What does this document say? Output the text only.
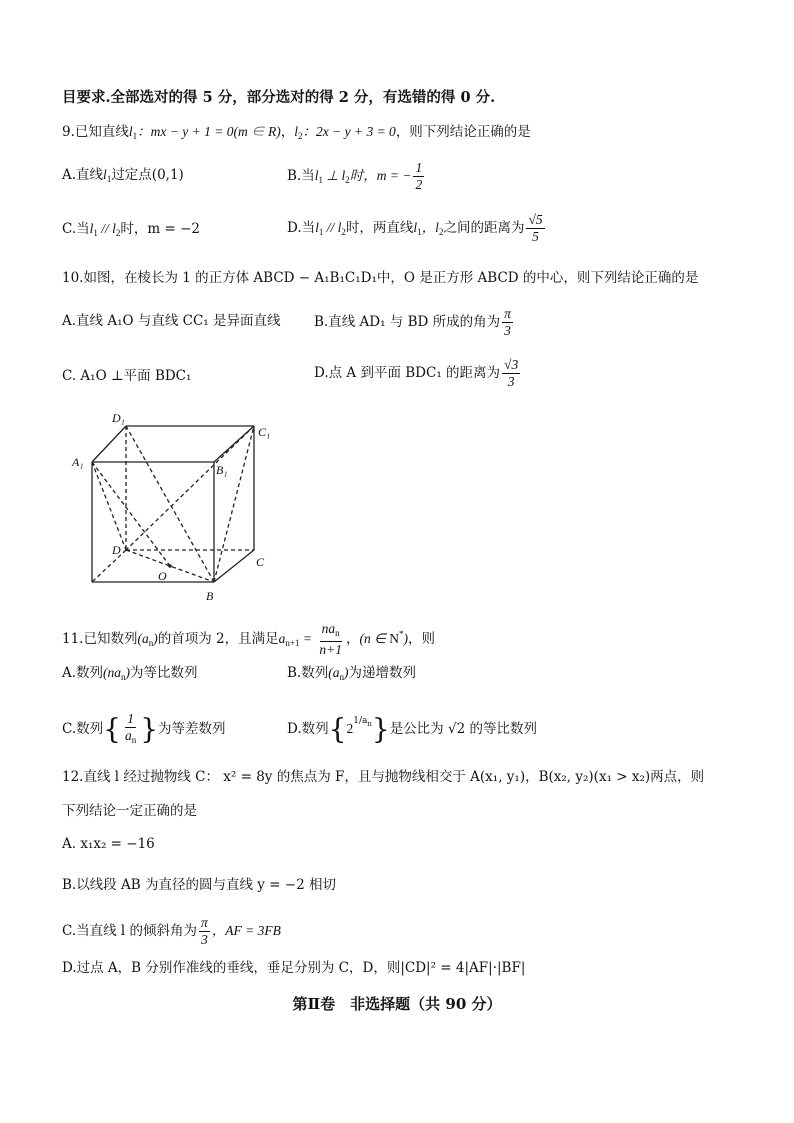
目要求.全部选对的得 5 分，部分选对的得 2 分，有选错的得 0 分.
9.已知直线$l_1$：mx − y + 1 = 0(m ∈ R)，$l_2$：2x − y + 3 = 0，则下列结论正确的是
A.直线$l_1$过定点(0,1)	B.当$l_1$ ⊥ $l_2$时，m = − $\frac{1}{2}$
C.当$l_1 // l_2$时，m = −2	D.当$l_1 // l_2$时，两直线$l_1$，$l_2$之间的距离为 $\frac{√5}{5}$
10.如图，在棱长为 1 的正方体 ABCD − A₁B₁C₁D₁中，O 是正方形 ABCD 的中心，则下列结论正确的是
A.直线 A₁O 与直线 CC₁ 是异面直线 B.直线 AD₁ 与 BD 所成的角为 $\frac{\pi}{3}$
C. A₁O ⊥平面 BDC₁	D.点 A 到平面 BDC₁ 的距离为 $\frac{√3}{3}$
D₁
C₁
A₁
B₁
D
C
O
B
11.已知数列$(a_n)$的首项为 2，且满足$a_{n+1} = \frac{na_n}{n+1}$ ，(n ∈ N*)，则
A.数列$(na_n)$为等比数列	B.数列$(a_n)$为递增数列
C.数列{ $\frac{1}{a_n}$ }为等差数列	D.数列$\{2^{1/a_n}\}$是公比为 √2 的等比数列
12.直线 l 经过抛物线 C： x² = 8y 的焦点为 F，且与抛物线相交于 A(x₁, y₁)，B(x₂, y₂)(x₁ > x₂)两点，则
下列结论一定正确的是
A. x₁x₂ = −16
B.以线段 AB 为直径的圆与直线 y = −2 相切
C.当直线 l 的倾斜角为 $\frac{\pi}{3}$ ，AF = 3FB
D.过点 A，B 分别作准线的垂线，垂足分别为 C，D，则|CD|² = 4|AF|·|BF|
第Ⅱ卷　非选择题（共 90 分）
